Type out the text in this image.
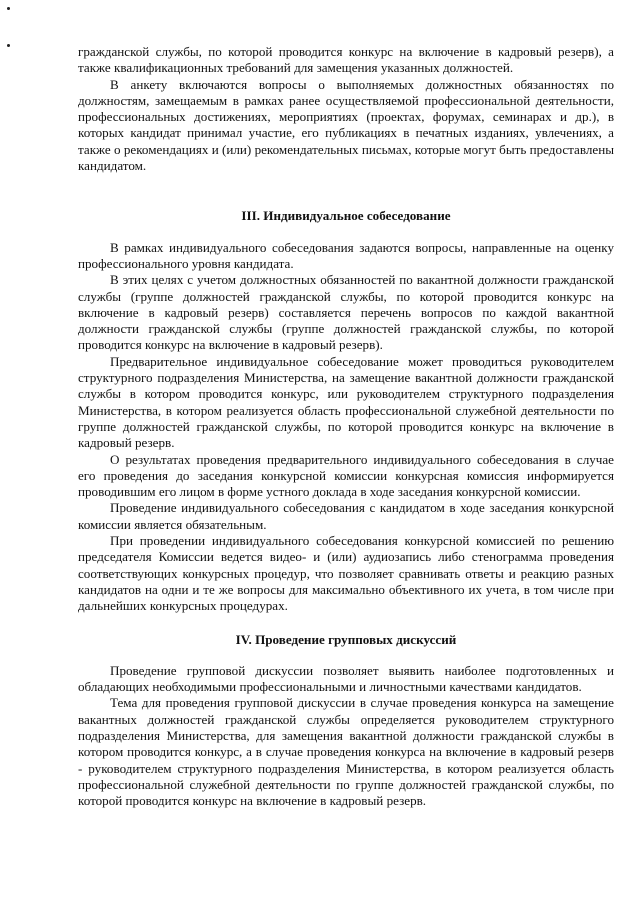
гражданской службы, по которой проводится конкурс на включение в кадровый резерв), а также квалификационных требований для замещения указанных должностей.

В анкету включаются вопросы о выполняемых должностных обязанностях по должностям, замещаемым в рамках ранее осуществляемой профессиональной деятельности, профессиональных достижениях, мероприятиях (проектах, форумах, семинарах и др.), в которых кандидат принимал участие, его публикациях в печатных изданиях, увлечениях, а также о рекомендациях и (или) рекомендательных письмах, которые могут быть предоставлены кандидатом.

III. Индивидуальное собеседование

В рамках индивидуального собеседования задаются вопросы, направленные на оценку профессионального уровня кандидата.

В этих целях с учетом должностных обязанностей по вакантной должности гражданской службы (группе должностей гражданской службы, по которой проводится конкурс на включение в кадровый резерв) составляется перечень вопросов по каждой вакантной должности гражданской службы (группе должностей гражданской службы, по которой проводится конкурс на включение в кадровый резерв).

Предварительное индивидуальное собеседование может проводиться руководителем структурного подразделения Министерства, на замещение вакантной должности гражданской службы в котором проводится конкурс, или руководителем структурного подразделения Министерства, в котором реализуется область профессиональной служебной деятельности по группе должностей гражданской службы, по которой проводится конкурс на включение в кадровый резерв.

О результатах проведения предварительного индивидуального собеседования в случае его проведения до заседания конкурсной комиссии конкурсная комиссия информируется проводившим его лицом в форме устного доклада в ходе заседания конкурсной комиссии.

Проведение индивидуального собеседования с кандидатом в ходе заседания конкурсной комиссии является обязательным.

При проведении индивидуального собеседования конкурсной комиссией по решению председателя Комиссии ведется видео- и (или) аудиозапись либо стенограмма проведения соответствующих конкурсных процедур, что позволяет сравнивать ответы и реакцию разных кандидатов на одни и те же вопросы для максимально объективного их учета, в том числе при дальнейших конкурсных процедурах.

IV. Проведение групповых дискуссий

Проведение групповой дискуссии позволяет выявить наиболее подготовленных и обладающих необходимыми профессиональными и личностными качествами кандидатов.

Тема для проведения групповой дискуссии в случае проведения конкурса на замещение вакантных должностей гражданской службы определяется руководителем структурного подразделения Министерства, для замещения вакантной должности гражданской службы в котором проводится конкурс, а в случае проведения конкурса на включение в кадровый резерв - руководителем структурного подразделения Министерства, в котором реализуется область профессиональной служебной деятельности по группе должностей гражданской службы, по которой проводится конкурс на включение в кадровый резерв.
